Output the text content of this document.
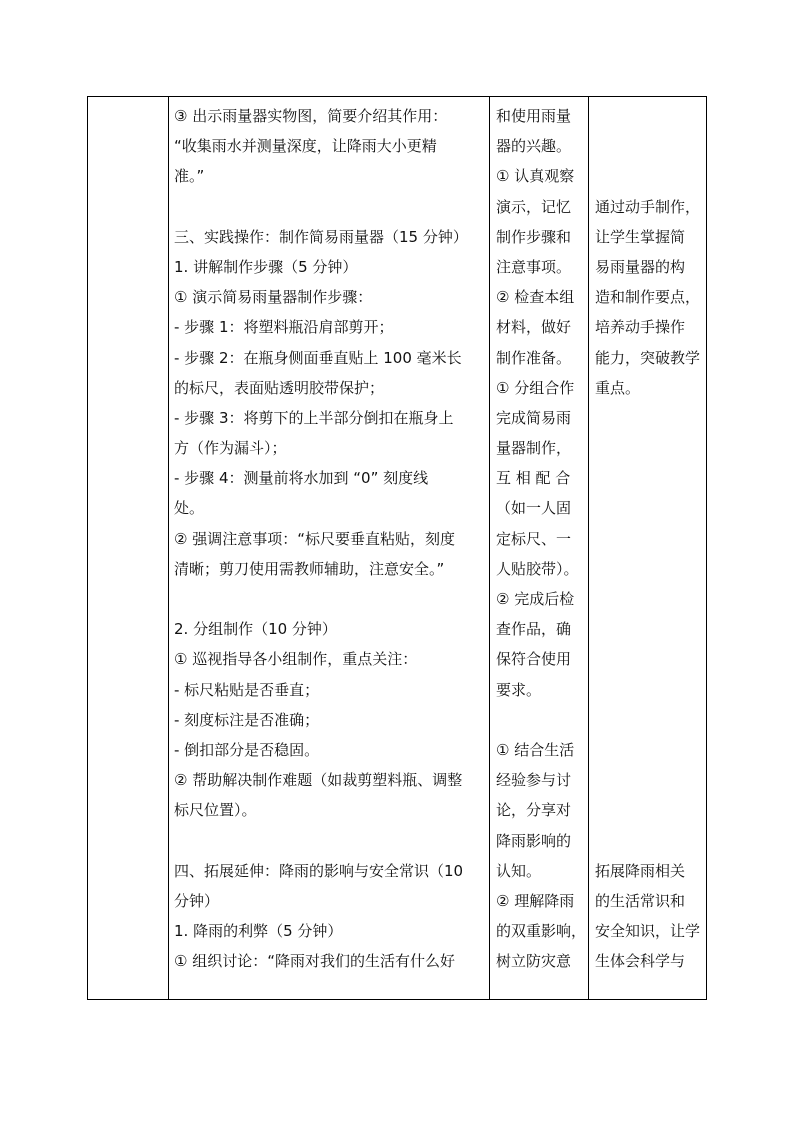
③ 出示雨量器实物图，简要介绍其作用：
“收集雨水并测量深度，让降雨大小更精
准。”
三、实践操作：制作简易雨量器（15 分钟）
1. 讲解制作步骤（5 分钟）
① 演示简易雨量器制作步骤：
- 步骤 1：将塑料瓶沿肩部剪开；
- 步骤 2：在瓶身侧面垂直贴上 100 毫米长
的标尺，表面贴透明胶带保护；
- 步骤 3：将剪下的上半部分倒扣在瓶身上
方（作为漏斗）；
- 步骤 4：测量前将水加到 “0” 刻度线
处。
② 强调注意事项：“标尺要垂直粘贴，刻度
清晰；剪刀使用需教师辅助，注意安全。”
2. 分组制作（10 分钟）
① 巡视指导各小组制作，重点关注：
- 标尺粘贴是否垂直；
- 刻度标注是否准确；
- 倒扣部分是否稳固。
② 帮助解决制作难题（如裁剪塑料瓶、调整
标尺位置）。
四、拓展延伸：降雨的影响与安全常识（10
分钟）
1. 降雨的利弊（5 分钟）
① 组织讨论：“降雨对我们的生活有什么好
和使用雨量
器的兴趣。
① 认真观察
演示，记忆
制作步骤和
注意事项。
② 检查本组
材料，做好
制作准备。
① 分组合作
完成简易雨
量器制作，
互 相 配 合
（如一人固
定标尺、一
人贴胶带）。
② 完成后检
查作品，确
保符合使用
要求。
① 结合生活
经验参与讨
论，分享对
降雨影响的
认知。
② 理解降雨
的双重影响，
树立防灾意
通过动手制作，
让学生掌握简
易雨量器的构
造和制作要点，
培养动手操作
能力，突破教学
重点。
拓展降雨相关
的生活常识和
安全知识，让学
生体会科学与
